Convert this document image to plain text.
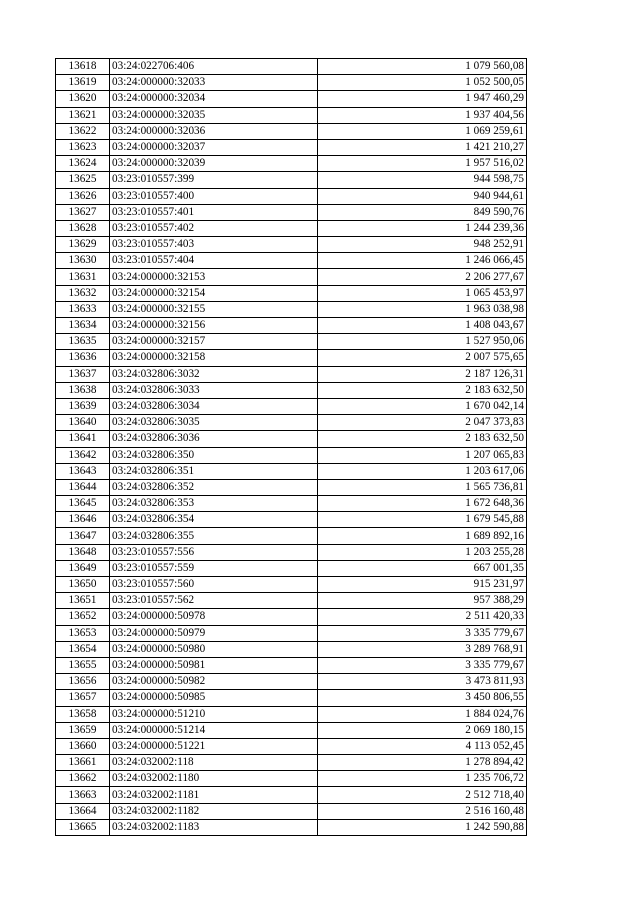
13618	03:24:022706:406	1 079 560,08
13619	03:24:000000:32033	1 052 500,05
13620	03:24:000000:32034	1 947 460,29
13621	03:24:000000:32035	1 937 404,56
13622	03:24:000000:32036	1 069 259,61
13623	03:24:000000:32037	1 421 210,27
13624	03:24:000000:32039	1 957 516,02
13625	03:23:010557:399	944 598,75
13626	03:23:010557:400	940 944,61
13627	03:23:010557:401	849 590,76
13628	03:23:010557:402	1 244 239,36
13629	03:23:010557:403	948 252,91
13630	03:23:010557:404	1 246 066,45
13631	03:24:000000:32153	2 206 277,67
13632	03:24:000000:32154	1 065 453,97
13633	03:24:000000:32155	1 963 038,98
13634	03:24:000000:32156	1 408 043,67
13635	03:24:000000:32157	1 527 950,06
13636	03:24:000000:32158	2 007 575,65
13637	03:24:032806:3032	2 187 126,31
13638	03:24:032806:3033	2 183 632,50
13639	03:24:032806:3034	1 670 042,14
13640	03:24:032806:3035	2 047 373,83
13641	03:24:032806:3036	2 183 632,50
13642	03:24:032806:350	1 207 065,83
13643	03:24:032806:351	1 203 617,06
13644	03:24:032806:352	1 565 736,81
13645	03:24:032806:353	1 672 648,36
13646	03:24:032806:354	1 679 545,88
13647	03:24:032806:355	1 689 892,16
13648	03:23:010557:556	1 203 255,28
13649	03:23:010557:559	667 001,35
13650	03:23:010557:560	915 231,97
13651	03:23:010557:562	957 388,29
13652	03:24:000000:50978	2 511 420,33
13653	03:24:000000:50979	3 335 779,67
13654	03:24:000000:50980	3 289 768,91
13655	03:24:000000:50981	3 335 779,67
13656	03:24:000000:50982	3 473 811,93
13657	03:24:000000:50985	3 450 806,55
13658	03:24:000000:51210	1 884 024,76
13659	03:24:000000:51214	2 069 180,15
13660	03:24:000000:51221	4 113 052,45
13661	03:24:032002:118	1 278 894,42
13662	03:24:032002:1180	1 235 706,72
13663	03:24:032002:1181	2 512 718,40
13664	03:24:032002:1182	2 516 160,48
13665	03:24:032002:1183	1 242 590,88
